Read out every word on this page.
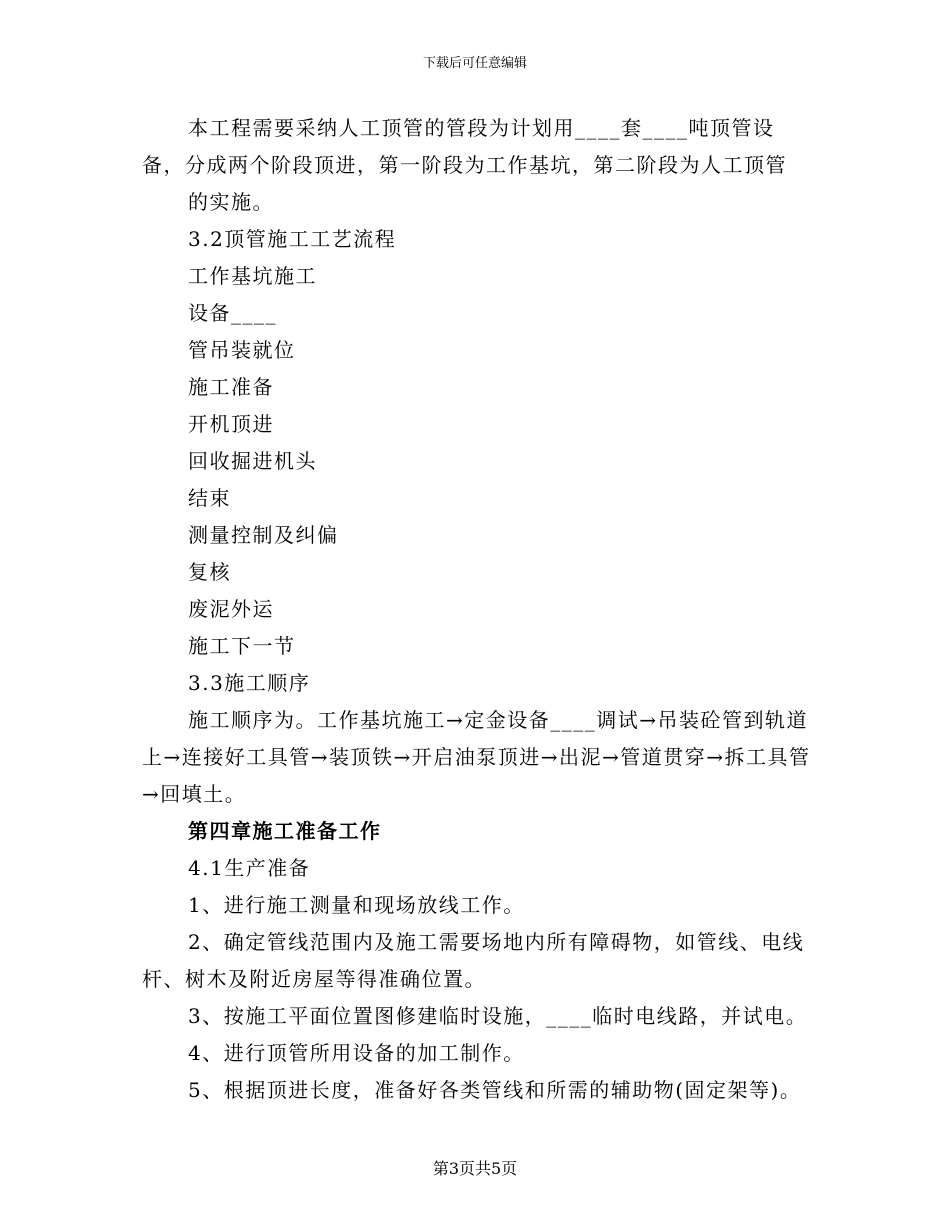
下载后可任意编辑

本工程需要采纳人工顶管的管段为计划用____套____吨顶管设备，分成两个阶段顶进，第一阶段为工作基坑，第二阶段为人工顶管

的实施。

3.2顶管施工工艺流程

工作基坑施工

设备____

管吊装就位

施工准备

开机顶进

回收掘进机头

结束

测量控制及纠偏

复核

废泥外运

施工下一节

3.3施工顺序

施工顺序为。工作基坑施工→定金设备____调试→吊装砼管到轨道上→连接好工具管→装顶铁→开启油泵顶进→出泥→管道贯穿→拆工具管→回填土。

第四章施工准备工作

4.1生产准备

1、进行施工测量和现场放线工作。

2、确定管线范围内及施工需要场地内所有障碍物，如管线、电线杆、树木及附近房屋等得准确位置。

3、按施工平面位置图修建临时设施，____临时电线路，并试电。

4、进行顶管所用设备的加工制作。

5、根据顶进长度，准备好各类管线和所需的辅助物(固定架等)。

第3页共5页
